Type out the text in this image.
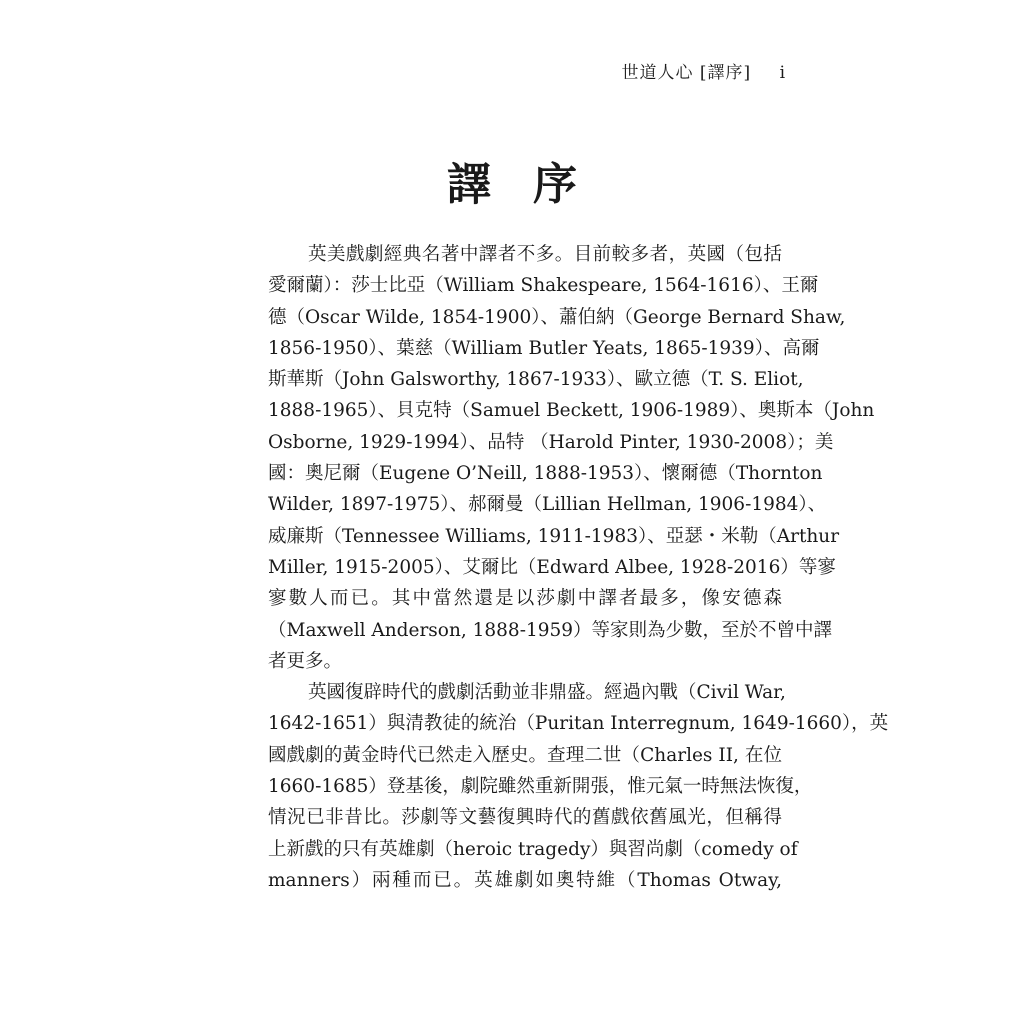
世道人心 [譯序] i
譯序
英美戲劇經典名著中譯者不多。目前較多者，英國（包括
愛爾蘭）：莎士比亞（William Shakespeare, 1564-1616）、王爾
德（Oscar Wilde, 1854-1900）、蕭伯納（George Bernard Shaw,
1856-1950）、葉慈（William Butler Yeats, 1865-1939）、高爾
斯華斯（John Galsworthy, 1867-1933）、歐立德（T. S. Eliot,
1888-1965）、貝克特（Samuel Beckett, 1906-1989）、奧斯本（John
Osborne, 1929-1994）、品特 （Harold Pinter, 1930-2008）；美
國：奧尼爾（Eugene O’Neill, 1888-1953）、懷爾德（Thornton
Wilder, 1897-1975）、郝爾曼（Lillian Hellman, 1906-1984）、
威廉斯（Tennessee Williams, 1911-1983）、亞瑟・米勒（Arthur
Miller, 1915-2005）、艾爾比（Edward Albee, 1928-2016）等寥
寥數人而已。其中當然還是以莎劇中譯者最多，像安德森
（Maxwell Anderson, 1888-1959）等家則為少數，至於不曾中譯
者更多。
英國復辟時代的戲劇活動並非鼎盛。經過內戰（Civil War,
1642-1651）與清教徒的統治（Puritan Interregnum, 1649-1660），英
國戲劇的黃金時代已然走入歷史。查理二世（Charles II, 在位
1660-1685）登基後，劇院雖然重新開張，惟元氣一時無法恢復，
情況已非昔比。莎劇等文藝復興時代的舊戲依舊風光，但稱得
上新戲的只有英雄劇（heroic tragedy）與習尚劇（comedy of
manners）兩種而已。英雄劇如奧特維（Thomas Otway,
